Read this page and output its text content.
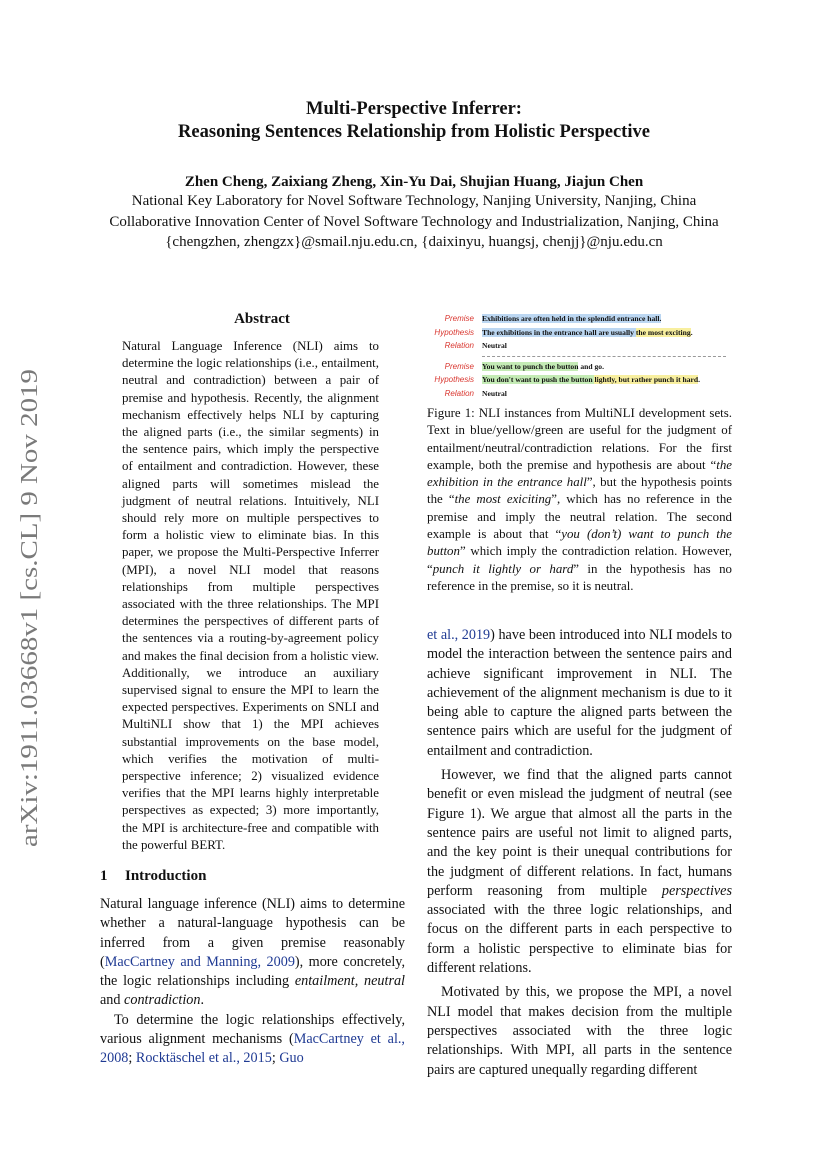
arXiv:1911.03668v1 [cs.CL] 9 Nov 2019
Multi-Perspective Inferrer:
Reasoning Sentences Relationship from Holistic Perspective
Zhen Cheng, Zaixiang Zheng, Xin-Yu Dai, Shujian Huang, Jiajun Chen
National Key Laboratory for Novel Software Technology, Nanjing University, Nanjing, China
Collaborative Innovation Center of Novel Software Technology and Industrialization, Nanjing, China
{chengzhen, zhengzx}@smail.nju.edu.cn, {daixinyu, huangsj, chenjj}@nju.edu.cn
Abstract
Natural Language Inference (NLI) aims to determine the logic relationships (i.e., entailment, neutral and contradiction) between a pair of premise and hypothesis. Recently, the alignment mechanism effectively helps NLI by capturing the aligned parts (i.e., the similar segments) in the sentence pairs, which imply the perspective of entailment and contradiction. However, these aligned parts will sometimes mislead the judgment of neutral relations. Intuitively, NLI should rely more on multiple perspectives to form a holistic view to eliminate bias. In this paper, we propose the Multi-Perspective Inferrer (MPI), a novel NLI model that reasons relationships from multiple perspectives associated with the three relationships. The MPI determines the perspectives of different parts of the sentences via a routing-by-agreement policy and makes the final decision from a holistic view. Additionally, we introduce an auxiliary supervised signal to ensure the MPI to learn the expected perspectives. Experiments on SNLI and MultiNLI show that 1) the MPI achieves substantial improvements on the base model, which verifies the motivation of multi-perspective inference; 2) visualized evidence verifies that the MPI learns highly interpretable perspectives as expected; 3) more importantly, the MPI is architecture-free and compatible with the powerful BERT.
1 Introduction

Natural language inference (NLI) aims to determine whether a natural-language hypothesis can be inferred from a given premise reasonably (MacCartney and Manning, 2009), more concretely, the logic relationships including entailment, neutral and contradiction.

To determine the logic relationships effectively, various alignment mechanisms (MacCartney et al., 2008; Rocktäschel et al., 2015; Guo

Premise	Exhibitions are often held in the splendid entrance hall.
Hypothesis	The exhibitions in the entrance hall are usually the most exciting.
Relation	Neutral
Premise	You want to punch the button and go.
Hypothesis	You don't want to push the button lightly, but rather punch it hard.
Relation	Neutral
Figure 1: NLI instances from MultiNLI development sets. Text in blue/yellow/green are useful for the judgment of entailment/neutral/contradiction relations. For the first example, both the premise and hypothesis are about “the exhibition in the entrance hall”, but the hypothesis points the “the most exiciting”, which has no reference in the premise and imply the neutral relation. The second example is about that “you (don’t) want to punch the button” which imply the contradiction relation. However, “punch it lightly or hard” in the hypothesis has no reference in the premise, so it is neutral.

et al., 2019) have been introduced into NLI models to model the interaction between the sentence pairs and achieve significant improvement in NLI. The achievement of the alignment mechanism is due to it being able to capture the aligned parts between the sentence pairs which are useful for the judgment of entailment and contradiction.

However, we find that the aligned parts cannot benefit or even mislead the judgment of neutral (see Figure 1). We argue that almost all the parts in the sentence pairs are useful not limit to aligned parts, and the key point is their unequal contributions for the judgment of different relations. In fact, humans perform reasoning from multiple perspectives associated with the three logic relationships, and focus on the different parts in each perspective to form a holistic perspective to eliminate bias for different relations.

Motivated by this, we propose the MPI, a novel NLI model that makes decision from the multiple perspectives associated with the three logic relationships. With MPI, all parts in the sentence pairs are captured unequally regarding different
